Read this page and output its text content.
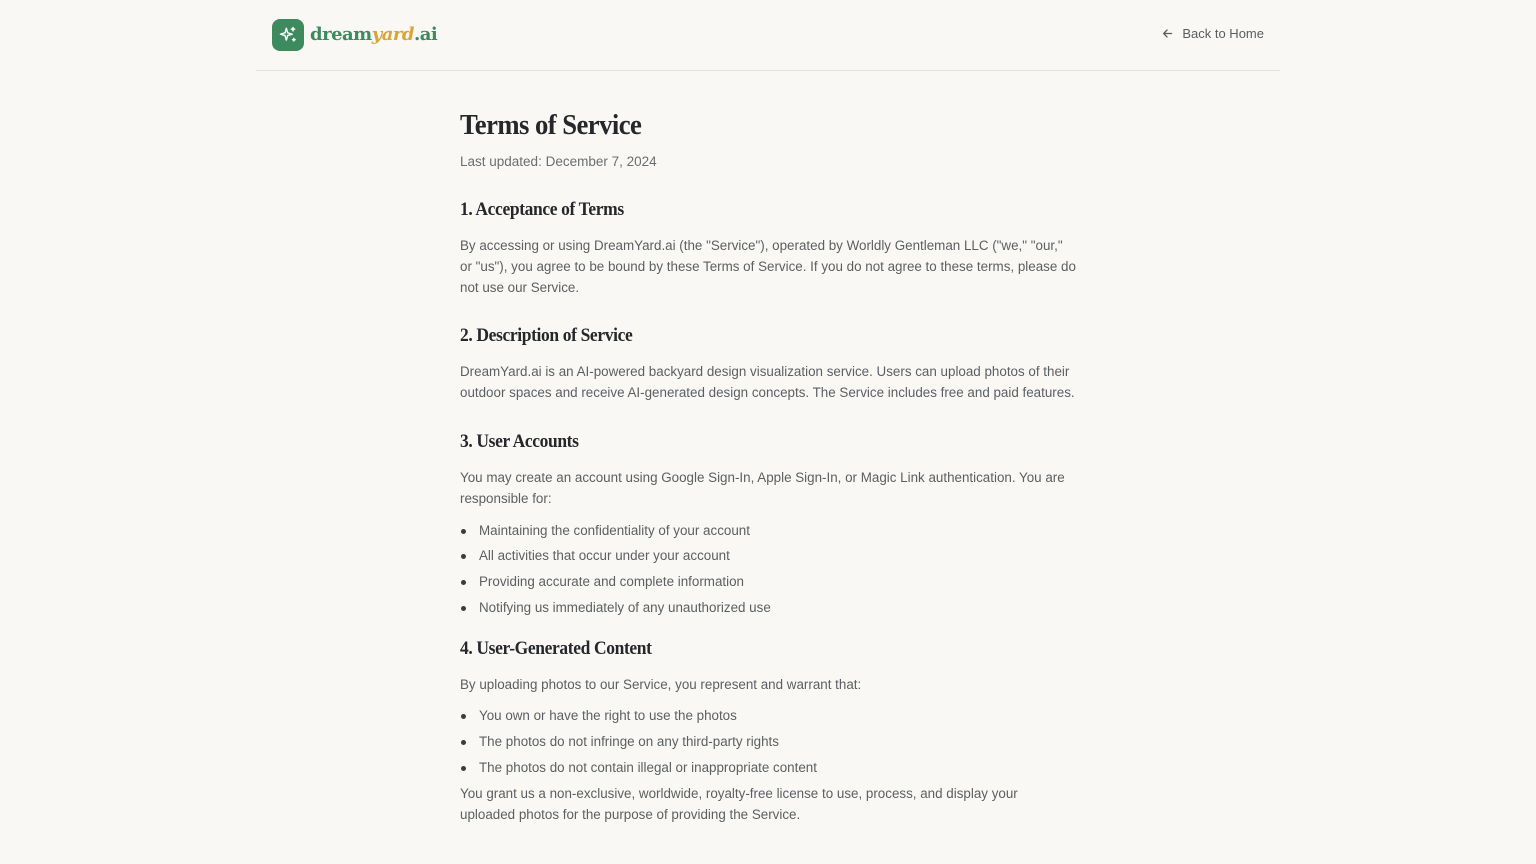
dreamyard.ai	Back to Home
Terms of Service
Last updated: December 7, 2024
1. Acceptance of Terms

By accessing or using DreamYard.ai (the "Service"), operated by Worldly Gentleman LLC ("we," "our," or "us"), you agree to be bound by these Terms of Service. If you do not agree to these terms, please do not use our Service.

2. Description of Service

DreamYard.ai is an AI-powered backyard design visualization service. Users can upload photos of their outdoor spaces and receive AI-generated design concepts. The Service includes free and paid features.

3. User Accounts

You may create an account using Google Sign-In, Apple Sign-In, or Magic Link authentication. You are responsible for:

Maintaining the confidentiality of your account
All activities that occur under your account
Providing accurate and complete information
Notifying us immediately of any unauthorized use
4. User-Generated Content

By uploading photos to our Service, you represent and warrant that:

You own or have the right to use the photos
The photos do not infringe on any third-party rights
The photos do not contain illegal or inappropriate content

You grant us a non-exclusive, worldwide, royalty-free license to use, process, and display your uploaded photos for the purpose of providing the Service.
